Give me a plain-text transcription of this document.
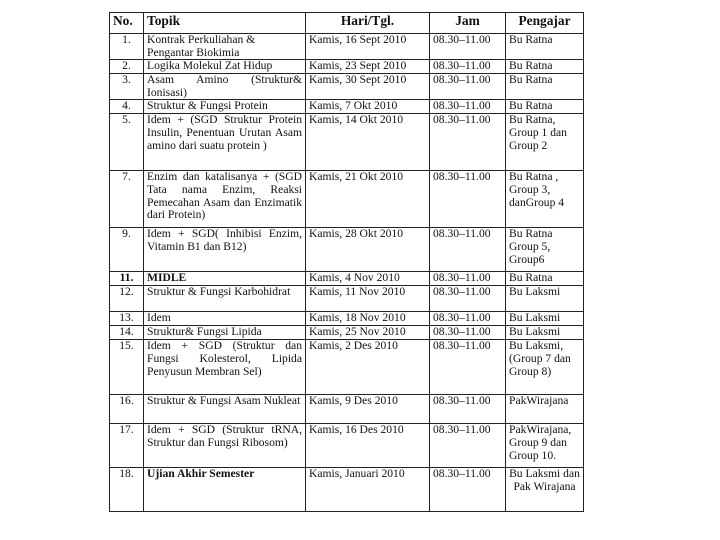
No.	Topik	Hari/Tgl.	Jam	Pengajar
1.	Kontrak Perkuliahan & Pengantar Biokimia	Kamis, 16 Sept 2010	08.30–11.00	Bu Ratna
2.	Logika Molekul Zat Hidup	Kamis, 23 Sept 2010	08.30–11.00	Bu Ratna
3.	Asam Amino (Struktur& Ionisasi)	Kamis, 30 Sept 2010	08.30–11.00	Bu Ratna
4.	Struktur & Fungsi Protein	Kamis, 7 Okt 2010	08.30–11.00	Bu Ratna
5.	Idem + (SGD Struktur Protein Insulin, Penentuan Urutan Asam amino dari suatu protein )	Kamis, 14 Okt 2010	08.30–11.00	Bu Ratna, Group 1 dan Group 2
7.	Enzim dan katalisanya + (SGD Tata nama Enzim, Reaksi Pemecahan Asam dan Enzimatik dari Protein)	Kamis, 21 Okt 2010	08.30–11.00	Bu Ratna , Group 3, danGroup 4
9.	Idem + SGD( Inhibisi Enzim, Vitamin B1 dan B12)	Kamis, 28 Okt 2010	08.30–11.00	Bu Ratna Group 5, Group6
11.	MIDLE	Kamis, 4 Nov 2010	08.30–11.00	Bu Ratna
12.	Struktur & Fungsi Karbohidrat	Kamis, 11 Nov 2010	08.30–11.00	Bu Laksmi
13.	Idem	Kamis, 18 Nov 2010	08.30–11.00	Bu Laksmi
14.	Struktur& Fungsi Lipida	Kamis, 25 Nov 2010	08.30–11.00	Bu Laksmi
15.	Idem + SGD (Struktur dan Fungsi Kolesterol, Lipida Penyusun Membran Sel)	Kamis, 2 Des 2010	08.30–11.00	Bu Laksmi, (Group 7 dan Group 8)
16.	Struktur & Fungsi Asam Nukleat	Kamis, 9 Des 2010	08.30–11.00	PakWirajana
17.	Idem + SGD (Struktur tRNA, Struktur dan Fungsi Ribosom)	Kamis, 16 Des 2010	08.30–11.00	PakWirajana, Group 9 dan Group 10.
18.	Ujian Akhir Semester	Kamis, Januari 2010	08.30–11.00	Bu Laksmi dan Pak Wirajana
